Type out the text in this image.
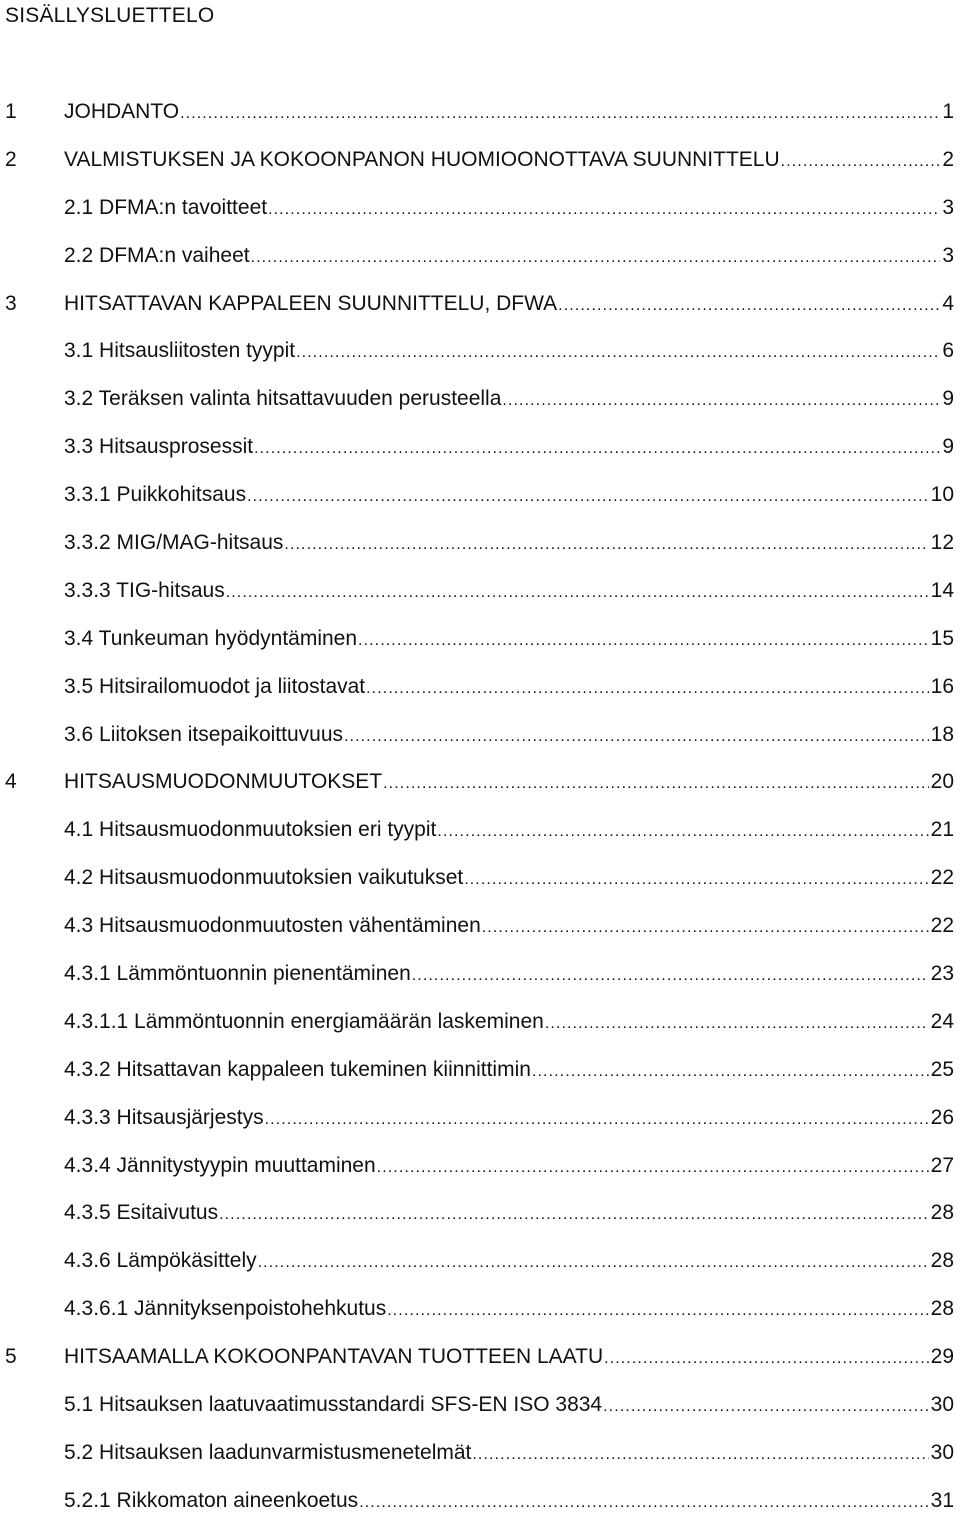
SISÄLLYSLUETTELO
1 JOHDANTO .....	1
2 VALMISTUKSEN JA KOKOONPANON HUOMIOONOTTAVA SUUNNITTELU .....	2
2.1 DFMA:n tavoitteet .....	3
2.2 DFMA:n vaiheet .....	3
3 HITSATTAVAN KAPPALEEN SUUNNITTELU, DFWA .....	4
3.1 Hitsausliitosten tyypit .....	6
3.2 Teräksen valinta hitsattavuuden perusteella .....	9
3.3 Hitsausprosessit .....	9
3.3.1 Puikkohitsaus .....	10
3.3.2 MIG/MAG-hitsaus .....	12
3.3.3 TIG-hitsaus .....	14
3.4 Tunkeuman hyödyntäminen .....	15
3.5 Hitsirailomuodot ja liitostavat .....	16
3.6 Liitoksen itsepaikoittuvuus .....	18
4 HITSAUSMUODONMUUTOKSET .....	20
4.1 Hitsausmuodonmuutoksien eri tyypit .....	21
4.2 Hitsausmuodonmuutoksien vaikutukset .....	22
4.3 Hitsausmuodonmuutosten vähentäminen .....	22
4.3.1 Lämmöntuonnin pienentäminen .....	23
4.3.1.1 Lämmöntuonnin energiamäärän laskeminen .....	24
4.3.2 Hitsattavan kappaleen tukeminen kiinnittimin .....	25
4.3.3 Hitsausjärjestys .....	26
4.3.4 Jännitystyypin muuttaminen .....	27
4.3.5 Esitaivutus .....	28
4.3.6 Lämpökäsittely .....	28
4.3.6.1 Jännityksenpoistohehkutus .....	28
5 HITSAAMALLA KOKOONPANTAVAN TUOTTEEN LAATU .....	29
5.1 Hitsauksen laatuvaatimusstandardi SFS-EN ISO 3834 .....	30
5.2 Hitsauksen laadunvarmistusmenetelmät .....	30
5.2.1 Rikkomaton aineenkoetus .....	31
